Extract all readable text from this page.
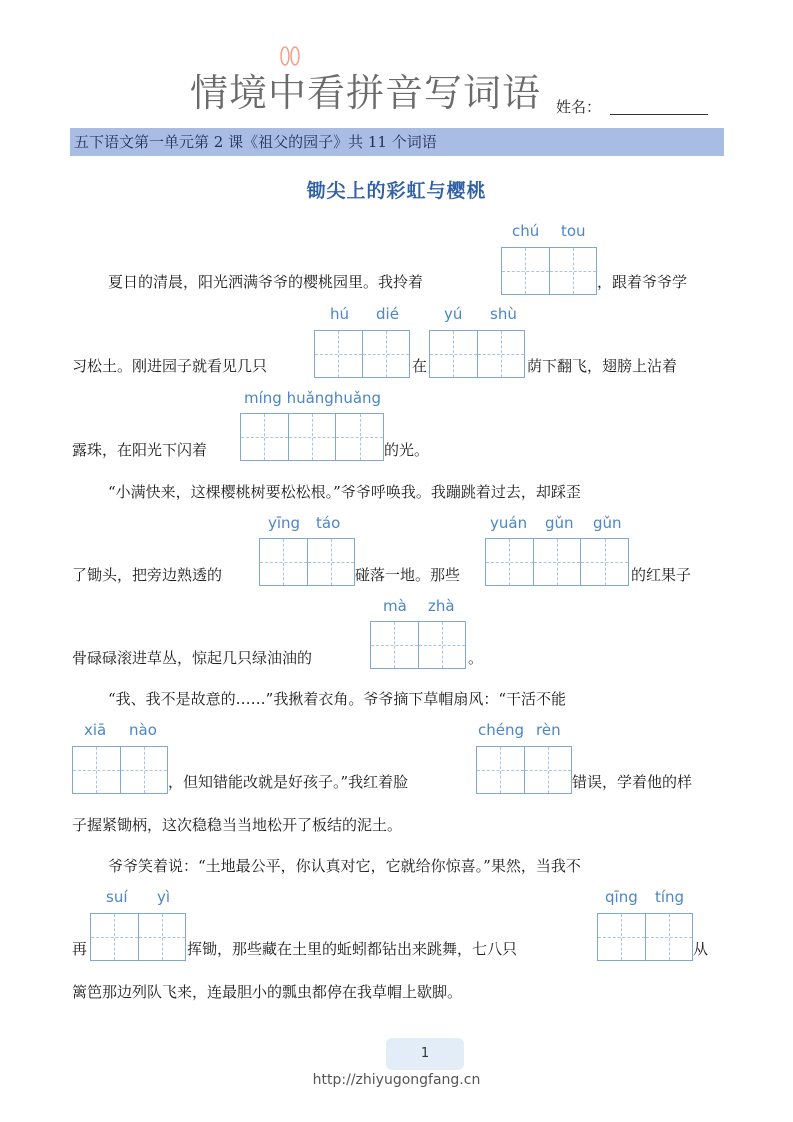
情境中看拼音写词语 姓名：
五下语文第一单元第 2 课《祖父的园子》共 11 个词语
锄尖上的彩虹与樱桃
夏日的清晨，阳光洒满爷爷的樱桃园里。我拎着
chú tou
，跟着爷爷学
习松土。刚进园子就看见几只
hú dié
在
yú shù
荫下翻飞，翅膀上沾着
露珠，在阳光下闪着
míng huǎnghuǎng
的光。
“小满快来，这棵樱桃树要松松根。”爷爷呼唤我。我蹦跳着过去，却踩歪
了锄头，把旁边熟透的
yīng táo
碰落一地。那些
yuán gǔn gǔn
的红果子
骨碌碌滚进草丛，惊起几只绿油油的
mà zhà
。
“我、我不是故意的……”我揪着衣角。爷爷摘下草帽扇风：“干活不能
xiā nào
，但知错能改就是好孩子。”我红着脸
chéng rèn
错误，学着他的样
子握紧锄柄，这次稳稳当当地松开了板结的泥土。
爷爷笑着说：“土地最公平，你认真对它，它就给你惊喜。”果然，当我不
再
suí yì
挥锄，那些藏在土里的蚯蚓都钻出来跳舞，七八只
qīng tíng
从
篱笆那边列队飞来，连最胆小的瓢虫都停在我草帽上歇脚。
1
http://zhiyugongfang.cn
